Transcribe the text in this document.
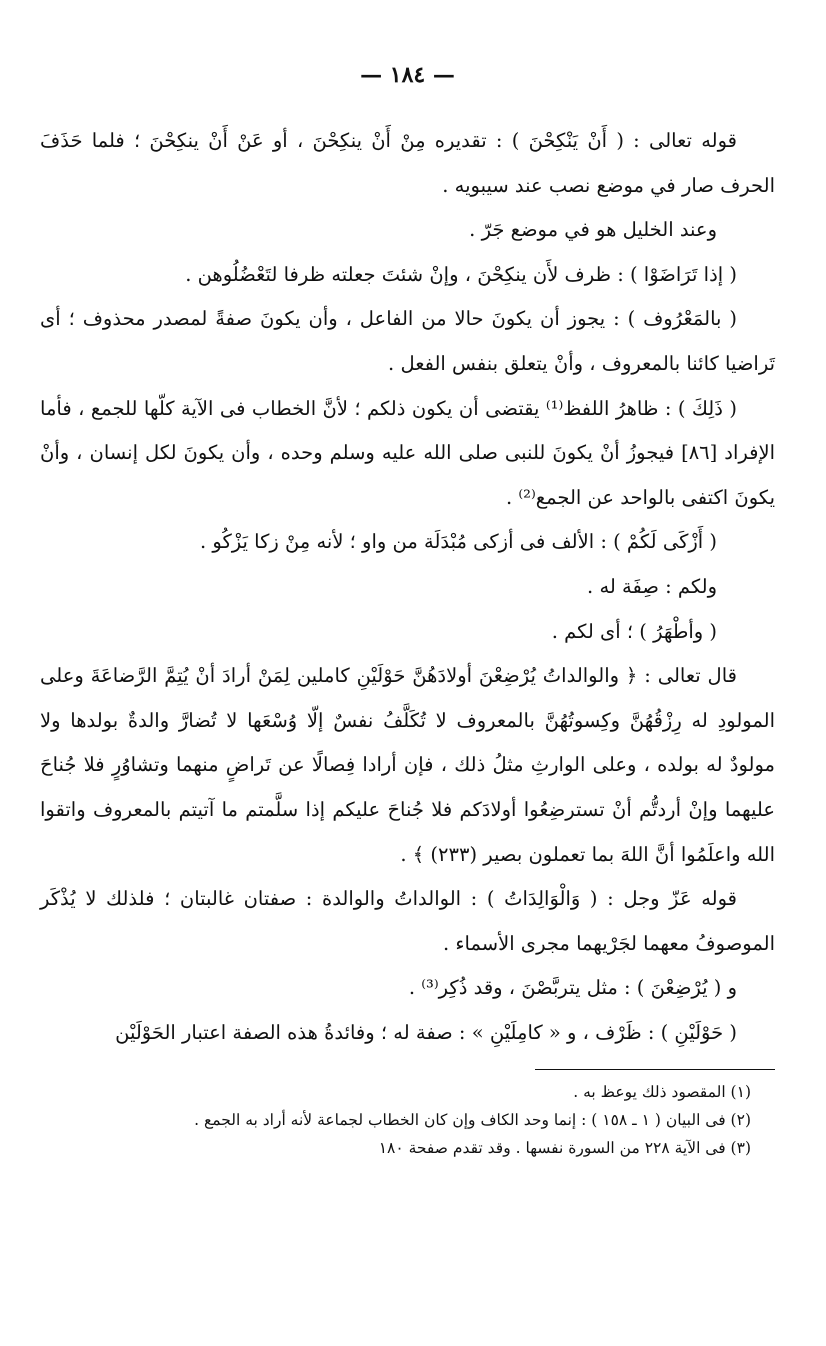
— ١٨٤ —

قوله تعالى : ( أَنْ يَنْكِحْنَ ) : تقديره مِنْ أَنْ ينكِحْنَ ، أو عَنْ أَنْ ينكِحْنَ ؛ فلما حَذَفَ الحرف صار في موضع نصب عند سيبويه .

وعند الخليل هو في موضع جَرّ .

( إذا تَرَاضَوْا ) : ظرف لأَن ينكِحْنَ ، وإنْ شئتَ جعلته ظرفا لتَعْضُلُوهن .

( بالمَعْرُوف ) : يجوز أن يكونَ حالا من الفاعل ، وأن يكونَ صفةً لمصدر محذوف ؛ أى تَراضيا كائنا بالمعروف ، وأنْ يتعلق بنفس الفعل .

( ذَلِكَ ) : ظاهرُ اللفظ⁽¹⁾ يقتضى أن يكون ذلكم ؛ لأنَّ الخطاب فى الآية كلّها للجمع ، فأما الإفراد [٨٦] فيجوزُ أنْ يكونَ للنبى صلى الله عليه وسلم وحده ، وأن يكونَ لكل إنسان ، وأنْ يكونَ اكتفى بالواحد عن الجمع⁽²⁾ .

( أَزْكَى لَكُمْ ) : الألف فى أزكى مُبْدَلَة من واو ؛ لأنه مِنْ زكا يَزْكُو .

ولكم : صِفَة له .

( وأطْهَرُ ) ؛ أى لكم .

قال تعالى : ﴿ والوالداتُ يُرْضِعْنَ أولادَهُنَّ حَوْلَيْنِ كاملين لِمَنْ أرادَ أنْ يُتِمَّ الرَّضاعَةَ وعلى المولودِ له رِزْقُهُنَّ وكِسوتُهُنَّ بالمعروف لا تُكَلَّفُ نفسٌ إلّا وُسْعَها لا تُضارَّ والدةٌ بولدها ولا مولودٌ له بولده ، وعلى الوارثِ مثلُ ذلك ، فإن أرادا فِصالًا عن تَراضٍ منهما وتشاوُرٍ فلا جُناحَ عليهما وإنْ أردتُّم أنْ تسترضِعُوا أولادَكم فلا جُناحَ عليكم إذا سلَّمتم ما آتيتم بالمعروف واتقوا الله واعلَمُوا أنَّ اللهَ بما تعملون بصير (٢٣٣) ﴾ .

قوله عَزّ وجل : ( وَالْوَالِدَاتُ ) : الوالداتُ والوالدة : صفتان غالبتان ؛ فلذلك لا يُذْكَر الموصوفُ معهما لجَرْيهما مجرى الأسماء .

و ( يُرْضِعْنَ ) : مثل يتربَّصْنَ ، وقد ذُكِر⁽³⁾ .

( حَوْلَيْنِ ) : ظَرْف ، و « كامِلَيْنِ » : صفة له ؛ وفائدةُ هذه الصفة اعتبار الحَوْلَيْن

(١) المقصود ذلك يوعظ به .

(٢) فى البيان ( ١ ـ ١٥٨ ) : إنما وحد الكاف وإن كان الخطاب لجماعة لأنه أراد به الجمع .

(٣) فى الآية ٢٢٨ من السورة نفسها . وقد تقدم صفحة ١٨٠
